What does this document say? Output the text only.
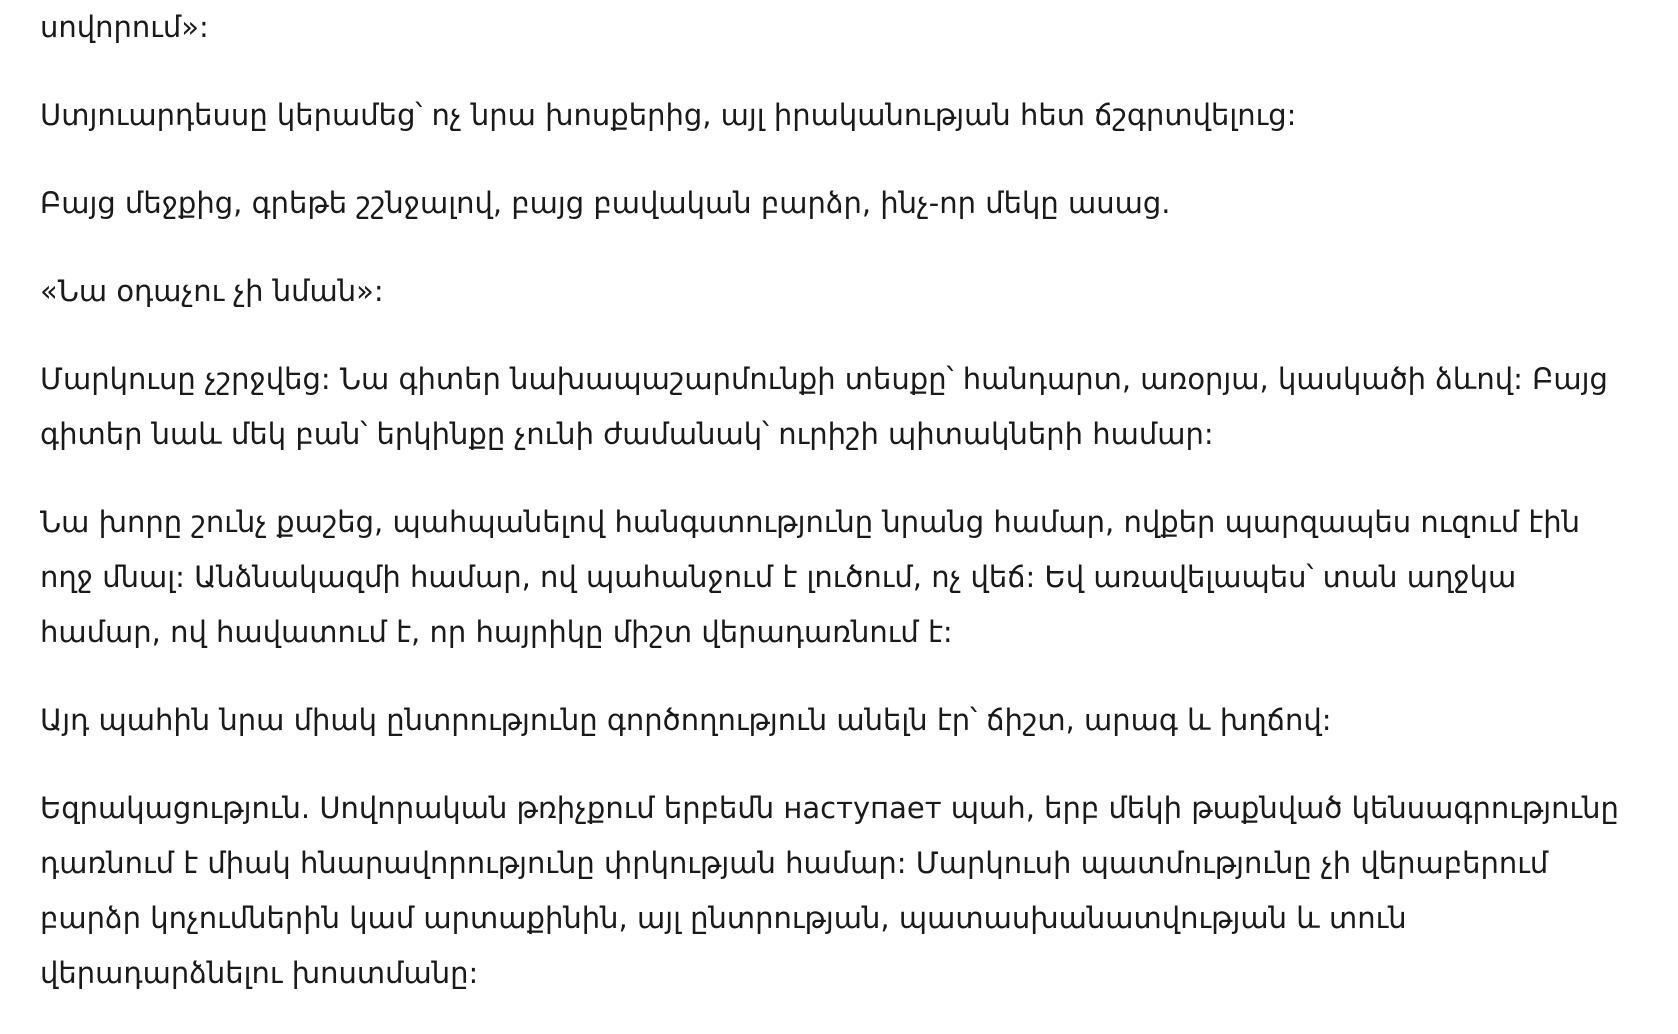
սովորում»:

Ստյուարդեսսը կերամեց՝ ոչ նրա խոսքերից, այլ իրականության հետ ճշգրտվելուց:

Բայց մեջքից, գրեթե շշնջալով, բայց բավական բարձր, ինչ-որ մեկը ասաց.

«Նա օդաչու չի նման»:

Մարկուսը չշրջվեց: Նա գիտեր նախապաշարմունքի տեսքը՝ հանդարտ, առօրյա, կասկածի ձևով: Բայց գիտեր նաև մեկ բան՝ երկինքը չունի ժամանակ՝ ուրիշի պիտակների համար:

Նա խորը շունչ քաշեց, պահպանելով հանգստությունը նրանց համար, ովքեր պարզապես ուզում էին ողջ մնալ: Անձնակազմի համար, ով պահանջում է լուծում, ոչ վեճ: Եվ առավելապես՝ տան աղջկա համար, ով հավատում է, որ հայրիկը միշտ վերադառնում է:

Այդ պահին նրա միակ ընտրությունը գործողություն անելն էր՝ ճիշտ, արագ և խղճով:

Եզրակացություն. Սովորական թռիչքում երբեմն наступает պահ, երբ մեկի թաքնված կենսագրությունը դառնում է միակ հնարավորությունը փրկության համար: Մարկուսի պատմությունը չի վերաբերում բարձր կոչումներին կամ արտաքինին, այլ ընտրության, պատասխանատվության և տուն վերադարձնելու խոստմանը:
